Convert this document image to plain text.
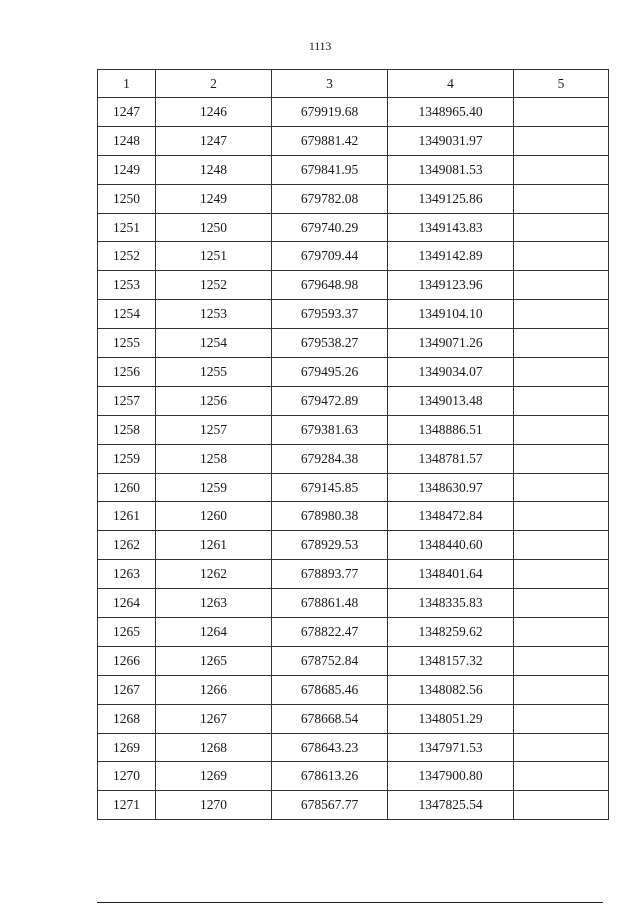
1113
1	2	3	4	5
1247	1246	679919.68	1348965.40	
1248	1247	679881.42	1349031.97	
1249	1248	679841.95	1349081.53	
1250	1249	679782.08	1349125.86	
1251	1250	679740.29	1349143.83	
1252	1251	679709.44	1349142.89	
1253	1252	679648.98	1349123.96	
1254	1253	679593.37	1349104.10	
1255	1254	679538.27	1349071.26	
1256	1255	679495.26	1349034.07	
1257	1256	679472.89	1349013.48	
1258	1257	679381.63	1348886.51	
1259	1258	679284.38	1348781.57	
1260	1259	679145.85	1348630.97	
1261	1260	678980.38	1348472.84	
1262	1261	678929.53	1348440.60	
1263	1262	678893.77	1348401.64	
1264	1263	678861.48	1348335.83	
1265	1264	678822.47	1348259.62	
1266	1265	678752.84	1348157.32	
1267	1266	678685.46	1348082.56	
1268	1267	678668.54	1348051.29	
1269	1268	678643.23	1347971.53	
1270	1269	678613.26	1347900.80	
1271	1270	678567.77	1347825.54	
